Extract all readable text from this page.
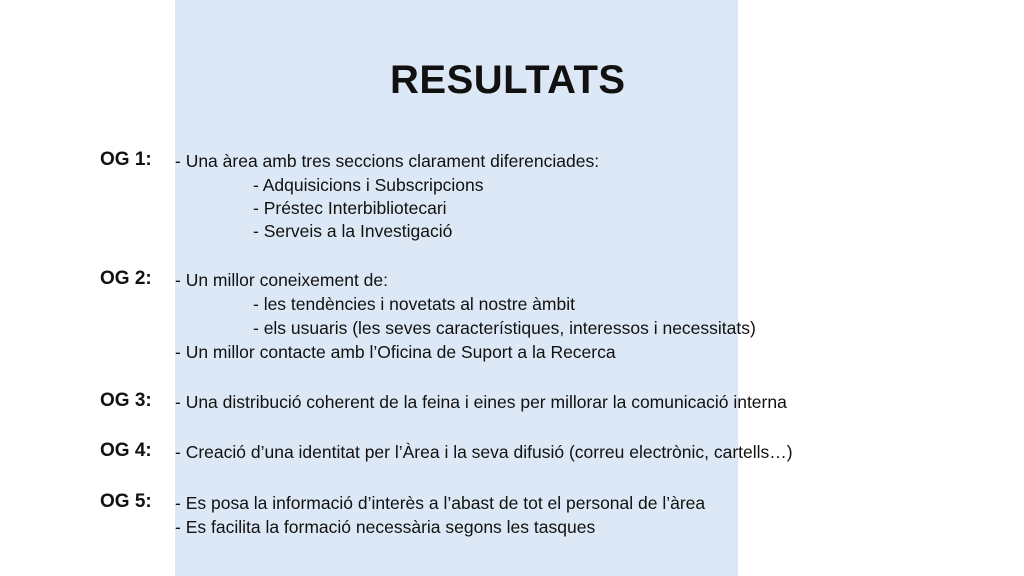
RESULTATS
OG 1: - Una àrea amb tres seccions clarament diferenciades:
- Adquisicions i Subscripcions
- Préstec Interbibliotecari
- Serveis a la Investigació
OG 2: - Un millor coneixement de:
- les tendències i novetats al nostre àmbit
- els usuaris (les seves característiques, interessos i necessitats)
- Un millor contacte amb l’Oficina de Suport a la Recerca
OG 3: - Una distribució coherent de la feina i eines per millorar la comunicació interna
OG 4: - Creació d’una identitat per l’Àrea i la seva difusió (correu electrònic, cartells…)
OG 5: - Es posa la informació d’interès a l’abast de tot el personal de l’àrea
- Es facilita la formació necessària segons les tasques
